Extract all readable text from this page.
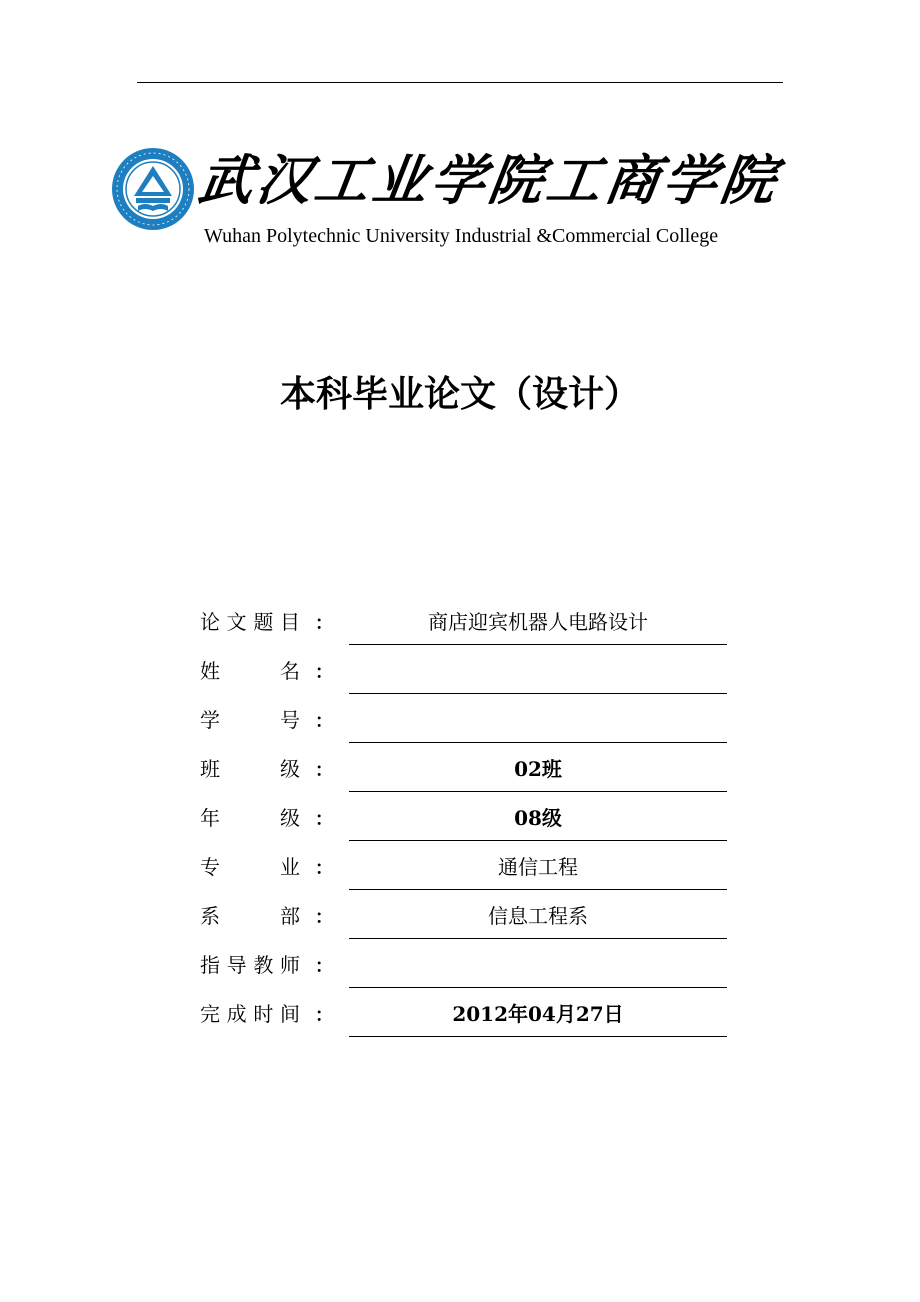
武汉工业学院工商学院
Wuhan Polytechnic University Industrial &Commercial College
本科毕业论文（设计）
论 文 题 目 ：	商店迎宾机器人电路设计
姓	名 ：
学	号 ：
班	级 ：	02班
年	级 ：	08级
专	业 ：	通信工程
系	部 ：	信息工程系
指 导 教 师 ：
完 成 时 间 ：	2012年04月27日
